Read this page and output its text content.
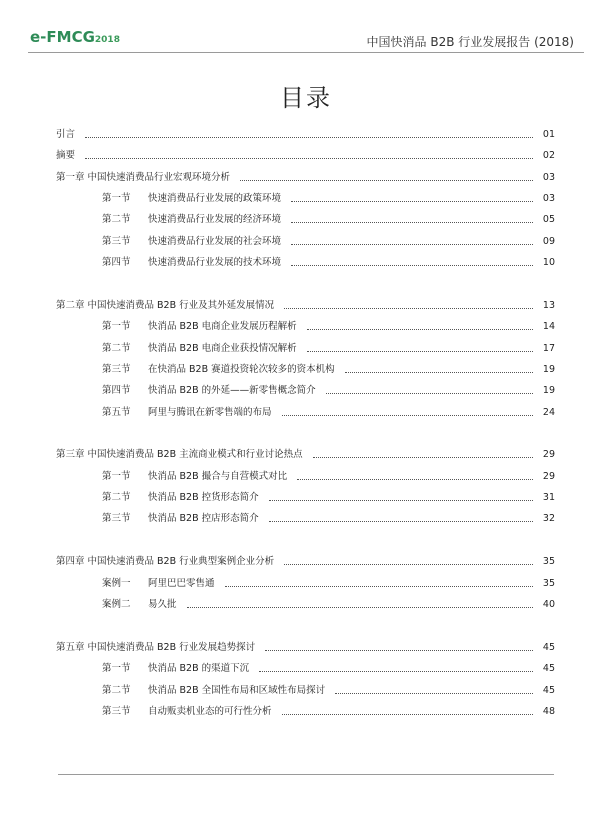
e-FMCG2018	中国快消品 B2B 行业发展报告 (2018)
目录
引言	01
摘要	02
第一章 中国快速消费品行业宏观环境分析	03
第一节 快速消费品行业发展的政策环境	03
第二节 快速消费品行业发展的经济环境	05
第三节 快速消费品行业发展的社会环境	09
第四节 快速消费品行业发展的技术环境	10
第二章 中国快速消费品 B2B 行业及其外延发展情况	13
第一节 快消品 B2B 电商企业发展历程解析	14
第二节 快消品 B2B 电商企业获投情况解析	17
第三节 在快消品 B2B 赛道投资轮次较多的资本机构	19
第四节 快消品 B2B 的外延——新零售概念简介	19
第五节 阿里与腾讯在新零售端的布局	24
第三章 中国快速消费品 B2B 主流商业模式和行业讨论热点	29
第一节 快消品 B2B 撮合与自营模式对比	29
第二节 快消品 B2B 控货形态简介	31
第三节 快消品 B2B 控店形态简介	32
第四章 中国快速消费品 B2B 行业典型案例企业分析	35
案例一 阿里巴巴零售通	35
案例二 易久批	40
第五章 中国快速消费品 B2B 行业发展趋势探讨	45
第一节 快消品 B2B 的渠道下沉	45
第二节 快消品 B2B 全国性布局和区域性布局探讨	45
第三节 自动贩卖机业态的可行性分析	48
